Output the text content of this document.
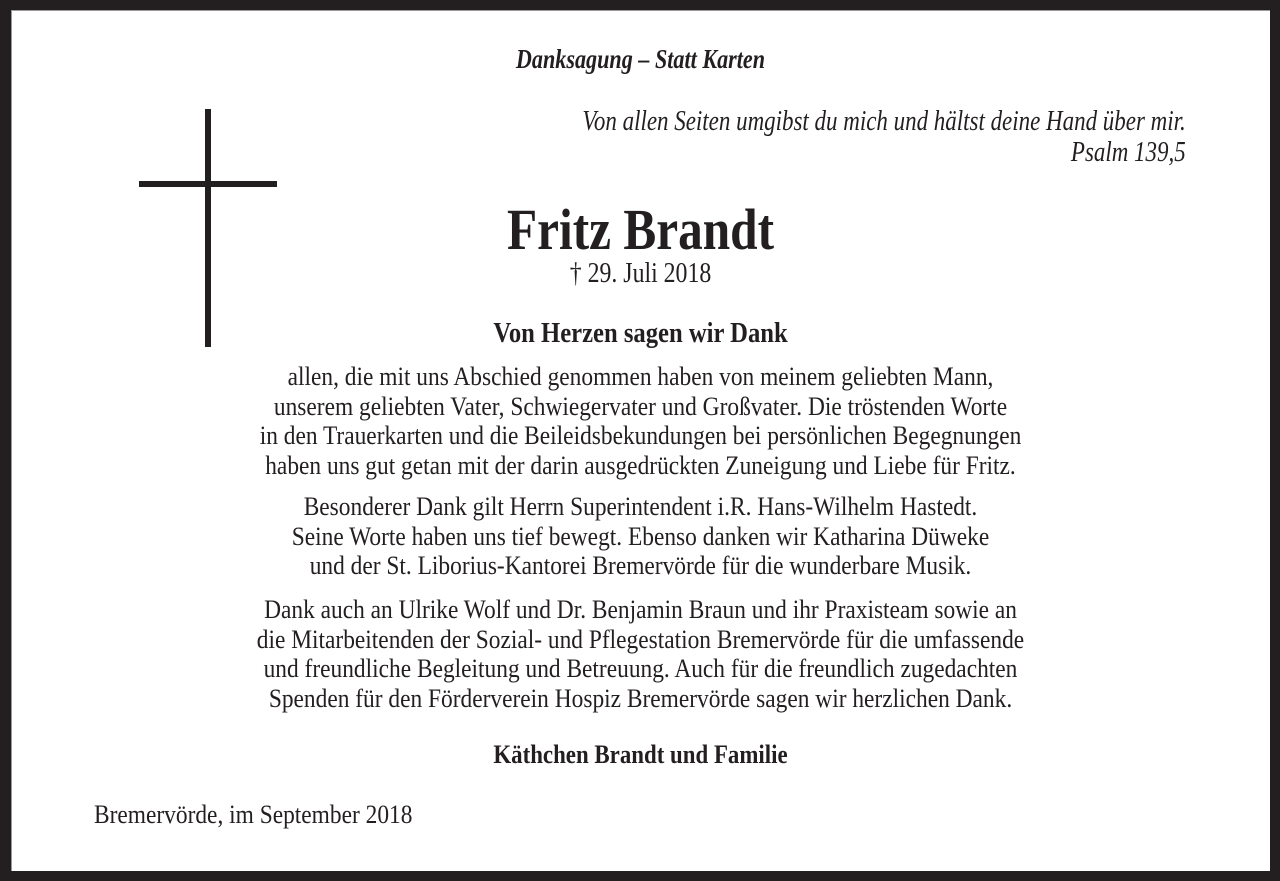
Danksagung – Statt Karten
Von allen Seiten umgibst du mich und hältst deine Hand über mir.
Psalm 139,5
Fritz Brandt
† 29. Juli 2018
Von Herzen sagen wir Dank
allen, die mit uns Abschied genommen haben von meinem geliebten Mann,
unserem geliebten Vater, Schwiegervater und Großvater. Die tröstenden Worte
in den Trauerkarten und die Beileidsbekundungen bei persönlichen Begegnungen
haben uns gut getan mit der darin ausgedrückten Zuneigung und Liebe für Fritz.
Besonderer Dank gilt Herrn Superintendent i.R. Hans-Wilhelm Hastedt.
Seine Worte haben uns tief bewegt. Ebenso danken wir Katharina Düweke
und der St. Liborius-Kantorei Bremervörde für die wunderbare Musik.
Dank auch an Ulrike Wolf und Dr. Benjamin Braun und ihr Praxisteam sowie an
die Mitarbeitenden der Sozial- und Pflegestation Bremervörde für die umfassende
und freundliche Begleitung und Betreuung. Auch für die freundlich zugedachten
Spenden für den Förderverein Hospiz Bremervörde sagen wir herzlichen Dank.
Käthchen Brandt und Familie
Bremervörde, im September 2018
